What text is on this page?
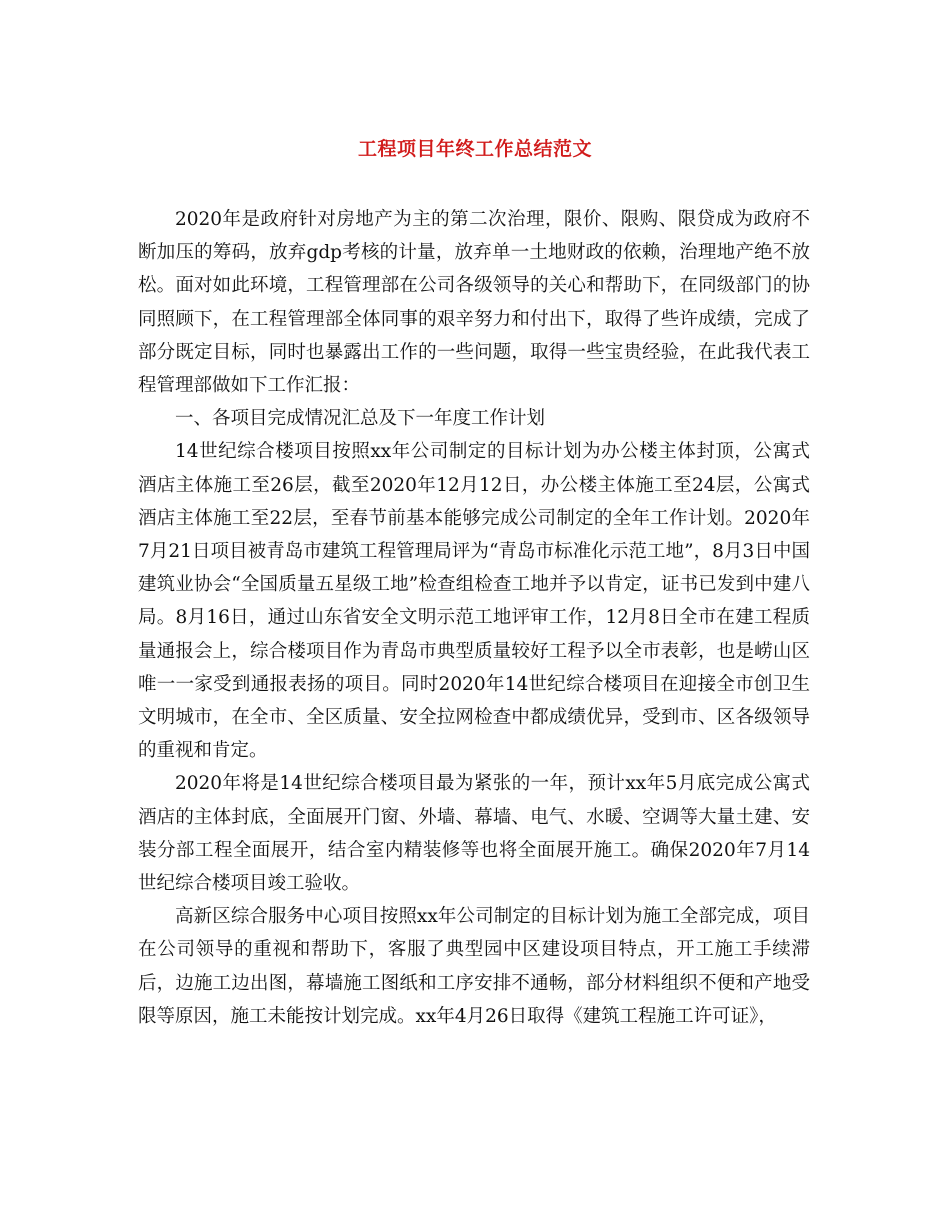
工程项目年终工作总结范文

2020年是政府针对房地产为主的第二次治理，限价、限购、限贷成为政府不断加压的筹码，放弃gdp考核的计量，放弃单一土地财政的依赖，治理地产绝不放松。面对如此环境，工程管理部在公司各级领导的关心和帮助下，在同级部门的协同照顾下，在工程管理部全体同事的艰辛努力和付出下，取得了些许成绩，完成了部分既定目标，同时也暴露出工作的一些问题，取得一些宝贵经验，在此我代表工程管理部做如下工作汇报：

一、各项目完成情况汇总及下一年度工作计划

14世纪综合楼项目按照xx年公司制定的目标计划为办公楼主体封顶，公寓式酒店主体施工至26层，截至2020年12月12日，办公楼主体施工至24层，公寓式酒店主体施工至22层，至春节前基本能够完成公司制定的全年工作计划。2020年7月21日项目被青岛市建筑工程管理局评为“青岛市标准化示范工地”，8月3日中国建筑业协会“全国质量五星级工地”检查组检查工地并予以肯定，证书已发到中建八局。8月16日，通过山东省安全文明示范工地评审工作，12月8日全市在建工程质量通报会上，综合楼项目作为青岛市典型质量较好工程予以全市表彰，也是崂山区唯一一家受到通报表扬的项目。同时2020年14世纪综合楼项目在迎接全市创卫生文明城市，在全市、全区质量、安全拉网检查中都成绩优异，受到市、区各级领导的重视和肯定。

2020年将是14世纪综合楼项目最为紧张的一年，预计xx年5月底完成公寓式酒店的主体封底，全面展开门窗、外墙、幕墙、电气、水暖、空调等大量土建、安装分部工程全面展开，结合室内精装修等也将全面展开施工。确保2020年7月14世纪综合楼项目竣工验收。

高新区综合服务中心项目按照xx年公司制定的目标计划为施工全部完成，项目在公司领导的重视和帮助下，客服了典型园中区建设项目特点，开工施工手续滞后，边施工边出图，幕墙施工图纸和工序安排不通畅，部分材料组织不便和产地受限等原因，施工未能按计划完成。xx年4月26日取得《建筑工程施工许可证》，
